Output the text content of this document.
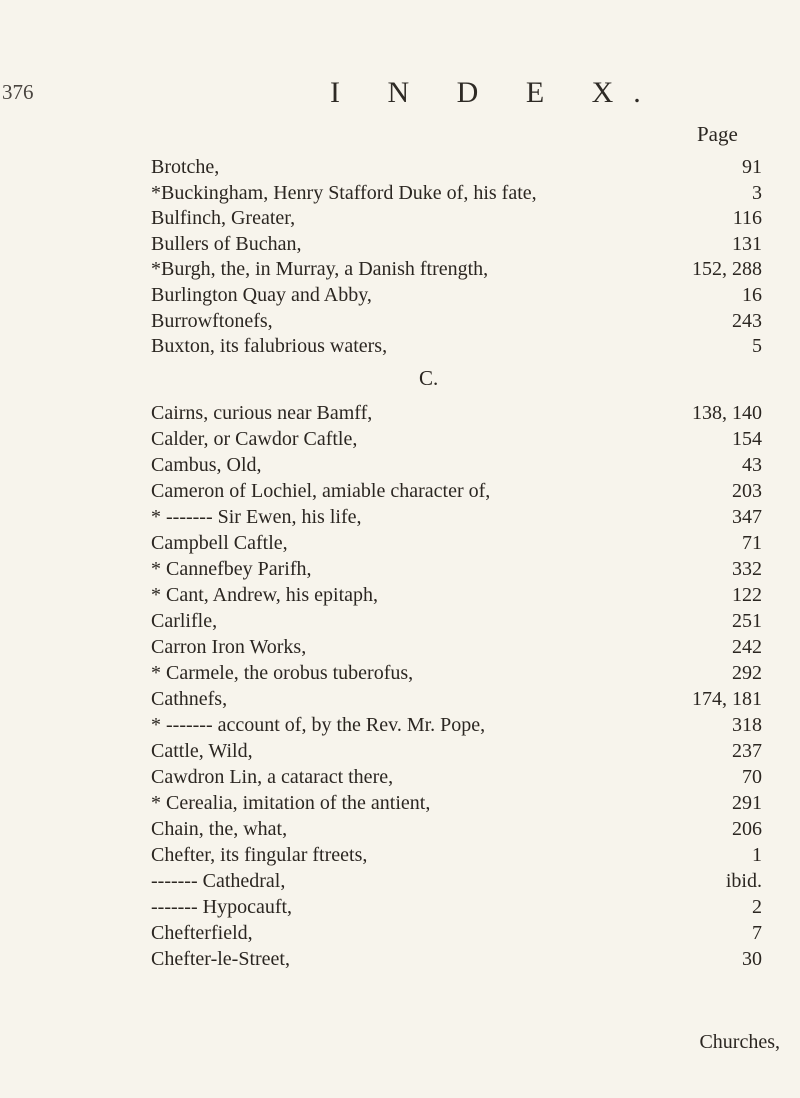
376	I N D E X.
Page
C.
Brotche,	91
*Buckingham, Henry Stafford Duke of, his fate,	3
Bulfinch, Greater,	116
Bullers of Buchan,	131
*Burgh, the, in Murray, a Danish ftrength,	152, 288
Burlington Quay and Abby,	16
Burrowftonefs,	243
Buxton, its falubrious waters,	5
Cairns, curious near Bamff,	138, 140
Calder, or Cawdor Caftle,	154
Cambus, Old,	43
Cameron of Lochiel, amiable character of,	203
* ------- Sir Ewen, his life,	347
Campbell Caftle,	71
* Cannefbey Parifh,	332
* Cant, Andrew, his epitaph,	122
Carlifle,	251
Carron Iron Works,	242
* Carmele, the orobus tuberofus,	292
Cathnefs,	174, 181
* ------- account of, by the Rev. Mr. Pope,	318
Cattle, Wild,	237
Cawdron Lin, a cataract there,	70
* Cerealia, imitation of the antient,	291
Chain, the, what,	206
Chefter, its fingular ftreets,	1
------- Cathedral,	ibid.
------- Hypocauft,	2
Chefterfield,	7
Chefter-le-Street,	30
Churches,
